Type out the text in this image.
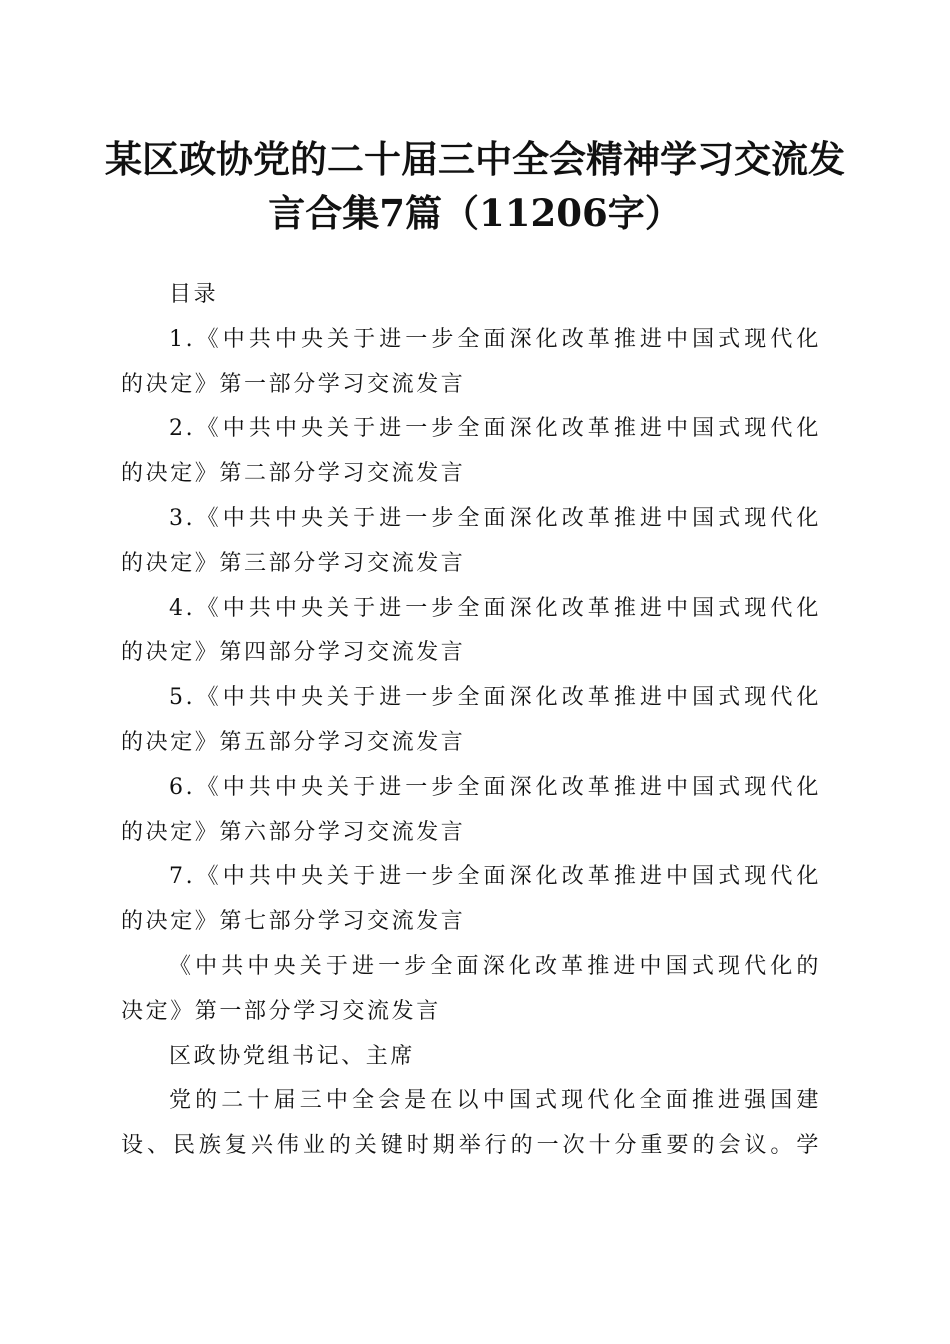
某区政协党的二十届三中全会精神学习交流发
言合集7篇（11206字）

目录

1.《中共中央关于进一步全面深化改革推进中国式现代化
的决定》第一部分学习交流发言

2.《中共中央关于进一步全面深化改革推进中国式现代化
的决定》第二部分学习交流发言

3.《中共中央关于进一步全面深化改革推进中国式现代化
的决定》第三部分学习交流发言

4.《中共中央关于进一步全面深化改革推进中国式现代化
的决定》第四部分学习交流发言

5.《中共中央关于进一步全面深化改革推进中国式现代化
的决定》第五部分学习交流发言

6.《中共中央关于进一步全面深化改革推进中国式现代化
的决定》第六部分学习交流发言

7.《中共中央关于进一步全面深化改革推进中国式现代化
的决定》第七部分学习交流发言

《中共中央关于进一步全面深化改革推进中国式现代化的
决定》第一部分学习交流发言

区政协党组书记、主席

党的二十届三中全会是在以中国式现代化全面推进强国建
设、民族复兴伟业的关键时期举行的一次十分重要的会议。学
